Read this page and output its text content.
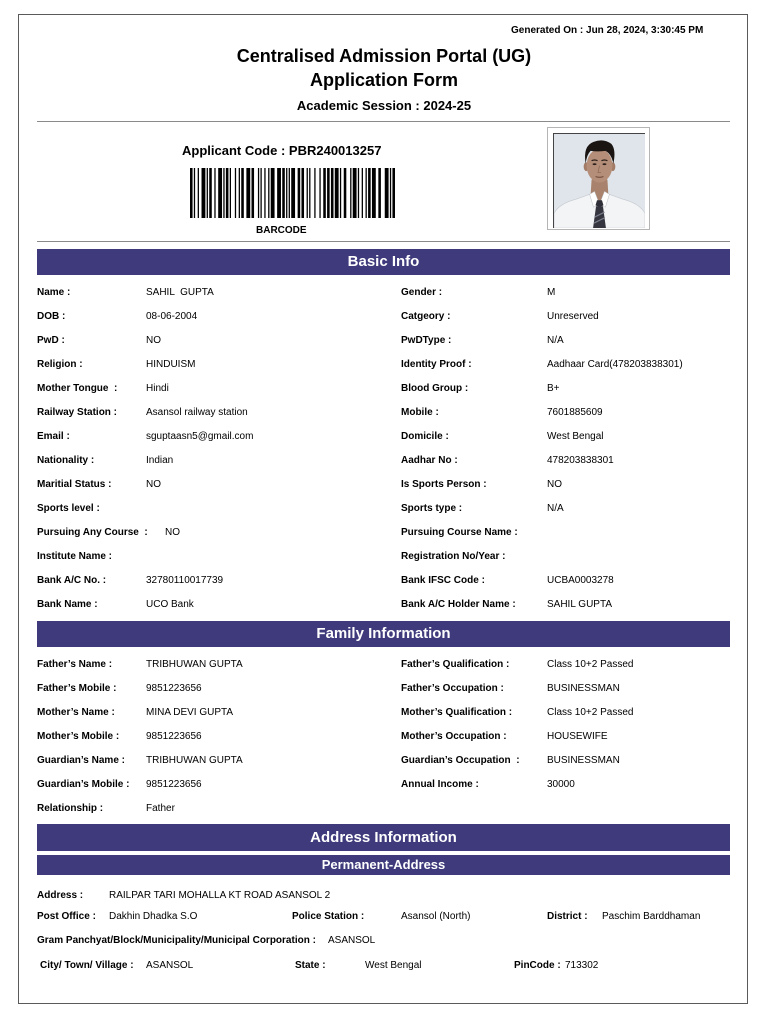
Generated On : Jun 28, 2024, 3:30:45 PM
Centralised Admission Portal (UG)
Application Form
Academic Session : 2024-25
Applicant Code : PBR240013257
BARCODE
Basic Info
Name :	SAHIL  GUPTA	Gender :	M
DOB :	08-06-2004	Catgeory :	Unreserved
PwD :	NO	PwDType :	N/A
Religion :	HINDUISM	Identity Proof :	Aadhaar Card(478203838301)
Mother Tongue  :	Hindi	Blood Group :	B+
Railway Station :	Asansol railway station	Mobile :	7601885609
Email :	sguptaasn5@gmail.com	Domicile :	West Bengal
Nationality :	Indian	Aadhar No :	478203838301
Maritial Status :	NO	Is Sports Person :	NO
Sports level :	Sports type :	N/A
Pursuing Any Course  : NO	Pursuing Course Name :
Institute Name :	Registration No/Year :
Bank A/C No. :	32780110017739	Bank IFSC Code :	UCBA0003278
Bank Name :	UCO Bank	Bank A/C Holder Name :	SAHIL GUPTA
Family Information
Father’s Name :	TRIBHUWAN GUPTA	Father’s Qualification :	Class 10+2 Passed
Father’s Mobile :	9851223656	Father’s Occupation :	BUSINESSMAN
Mother’s Name :	MINA DEVI GUPTA	Mother’s Qualification :	Class 10+2 Passed
Mother’s Mobile :	9851223656	Mother’s Occupation :	HOUSEWIFE
Guardian’s Name : TRIBHUWAN GUPTA	Guardian’s Occupation  :	BUSINESSMAN
Guardian’s Mobile : 9851223656	Annual Income :	30000
Relationship :	Father
Address Information
Permanent-Address
Address :	RAILPAR TARI MOHALLA KT ROAD ASANSOL 2
Post Office : Dakhin Dhadka S.O	Police Station :	Asansol (North)	District : Paschim Barddhaman
Gram Panchyat/Block/Municipality/Municipal Corporation : ASANSOL
City/ Town/ Village : ASANSOL	State :	West Bengal	PinCode : 713302
